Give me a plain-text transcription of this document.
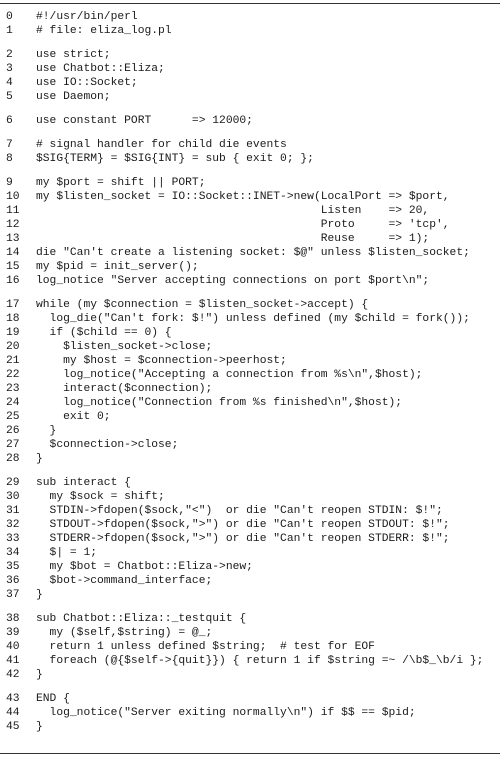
0	#!/usr/bin/perl
1	# file: eliza_log.pl
2	use strict;
3	use Chatbot::Eliza;
4	use IO::Socket;
5	use Daemon;
6	use constant PORT      => 12000;
7	# signal handler for child die events
8	$SIG{TERM} = $SIG{INT} = sub { exit 0; };
9	my $port = shift || PORT;
10	my $listen_socket = IO::Socket::INET->new(LocalPort => $port,
11	Listen    => 20,
12	Proto     => 'tcp',
13	Reuse     => 1);
14	die "Can't create a listening socket: $@" unless $listen_socket;
15	my $pid = init_server();
16	log_notice "Server accepting connections on port $port\n";
17	while (my $connection = $listen_socket->accept) {
18	log_die("Can't fork: $!") unless defined (my $child = fork());
19	if ($child == 0) {
20	$listen_socket->close;
21	my $host = $connection->peerhost;
22	log_notice("Accepting a connection from %s\n",$host);
23	interact($connection);
24	log_notice("Connection from %s finished\n",$host);
25	exit 0;
26	}
27	$connection->close;
28	}
29	sub interact {
30	my $sock = shift;
31	STDIN->fdopen($sock,"<")  or die "Can't reopen STDIN: $!";
32	STDOUT->fdopen($sock,">") or die "Can't reopen STDOUT: $!";
33	STDERR->fdopen($sock,">") or die "Can't reopen STDERR: $!";
34	$| = 1;
35	my $bot = Chatbot::Eliza->new;
36	$bot->command_interface;
37	}
38	sub Chatbot::Eliza::_testquit {
39	my ($self,$string) = @_;
40	return 1 unless defined $string;  # test for EOF
41	foreach (@{$self->{quit}}) { return 1 if $string =~ /\b$_\b/i };
42	}
43	END {
44	log_notice("Server exiting normally\n") if $$ == $pid;
45	}
